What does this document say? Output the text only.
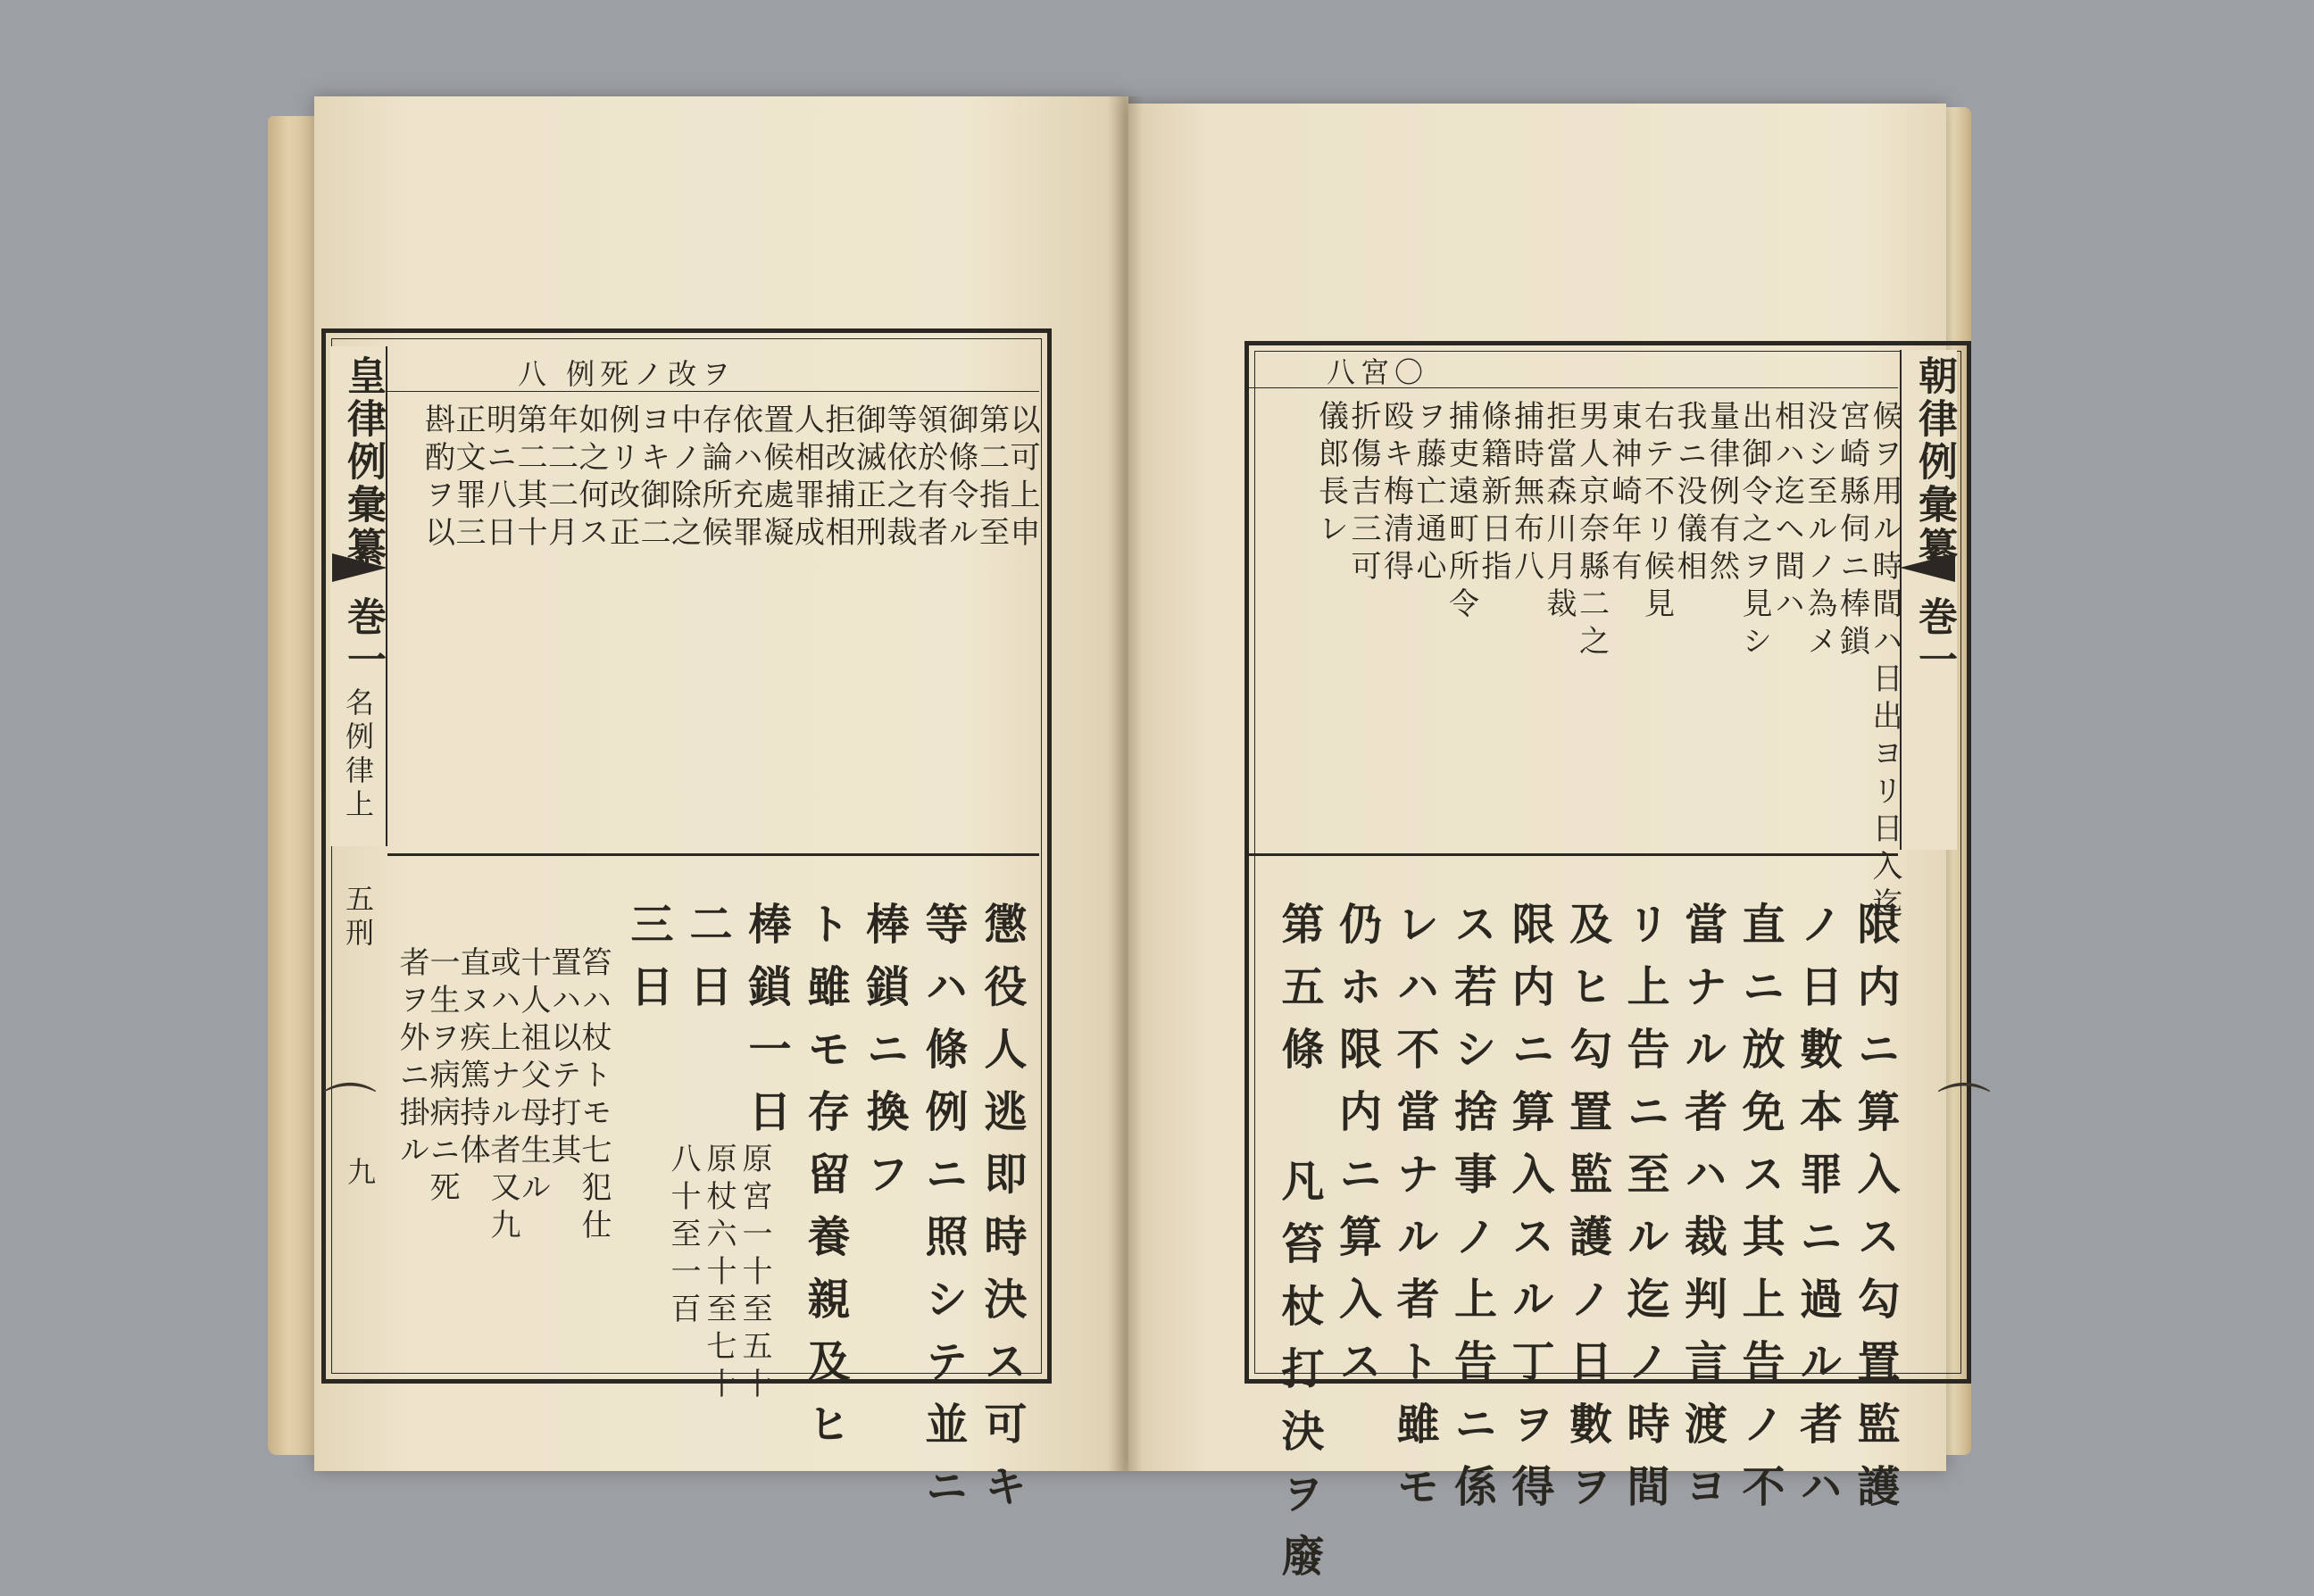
皇律例彙纂
巻一
名例律上
五刑
⌒
九
八 例死ノ改ヲ
以可上申
第二指至
御條令ル
領於有者
等依之裁
御滅正刑
拒改捕相
人相罪成
置候處凝
依ハ充罪
存論所候
中ノ除之
ヨキ御二
例リ改正
如之何ス
年二二月
第二其十
明ニ八日
正文罪三
斟酌ヲ以
懲役人逃即時決ス可キ
等ハ條例ニ照シテ並ニ
棒鎖ニ換フ
ト雖モ存留養親及ヒ
棒鎖一日
二日
三日
原宮一十至五十
原杖六十至七十
八十至一百
笞ハ杖トモ七犯仕
置ハ以テ打其
十人祖父母生ル
或ハ上ナル者又九
直ヌ疾篤持体
一生ヲ病病ニ死
者ヲ外ニ掛ル
朝律例彙纂
巻一
⌒
八宮〇
候ヲ用ル時間ハ日出ヨリ日入迄
宮崎縣伺ニ棒鎖
没シ至ルノ為メ
相ハ迄ヘ間ハ
出御令之ヲ見シ
量律例有然
我ニ没儀相
右テ不リ候見
東神崎年有
男人京奈縣二之
拒當森川月裁
捕時無布八
條籍新日指
捕吏遠町所令
ヲ藤亡通心
殴キ梅清得
折傷吉三可
儀郎長レ
限内ニ算入ス勾置監護
ノ日數本罪ニ過ル者ハ
直ニ放免ス其上告ノ不
當ナル者ハ裁判言渡ヨ
リ上告ニ至ル迄ノ時間
及ヒ勾置監護ノ日數ヲ
限内ニ算入スル丁ヲ得
ス若シ捨事ノ上告ニ係
レハ不當ナル者ト雖モ
仍ホ限内ニ算入ス
第五條 凡笞杖打決ヲ廢
